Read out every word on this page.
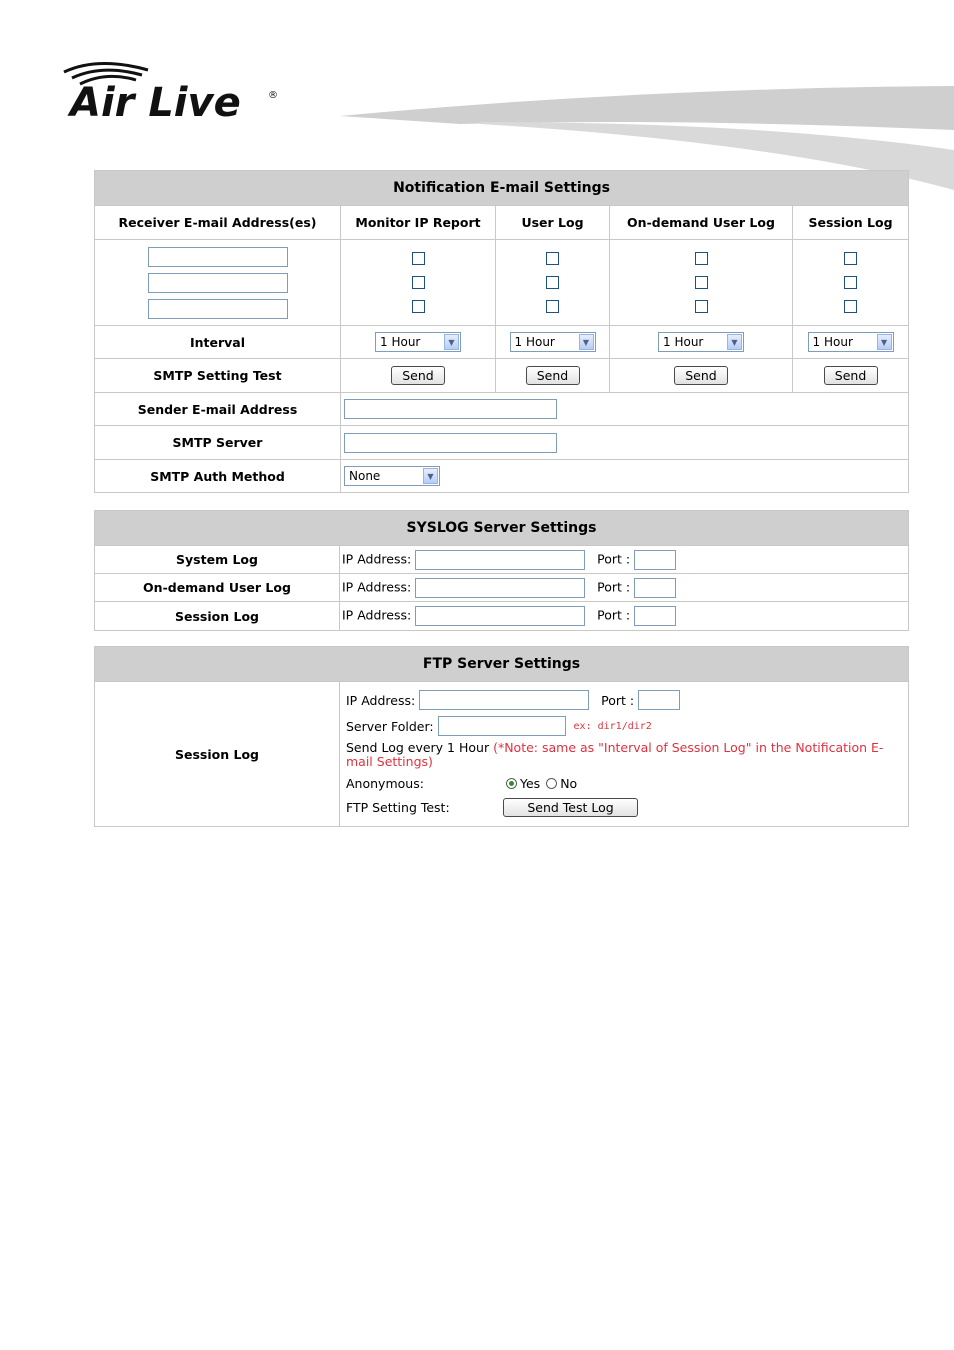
Air Live	®
Notification E-mail Settings				
Receiver E-mail Address(es)	Monitor IP Report	User Log	On-demand User Log	Session Log

Interval	1 Hour ▼	1 Hour ▼	1 Hour ▼	1 Hour ▼

SMTP Setting Test	Send	Send	Send	Send
Sender E-mail Address				
SMTP Server				
SMTP Auth Method	None ▼			
SYSLOG Server Settings	
System Log	IP Address: Port :
On-demand User Log	IP Address: Port :
Session Log	IP Address: Port :
FTP Server Settings
Session Log	
IP Address:

	Port :

Server Folder:

	ex: dir1/dir2
Send Log every 1 Hour (*Note: same as "Interval of Session Log" in the Notification E-mail Settings)
Anonymous:	Yes No
FTP Setting Test:	Send Test Log
